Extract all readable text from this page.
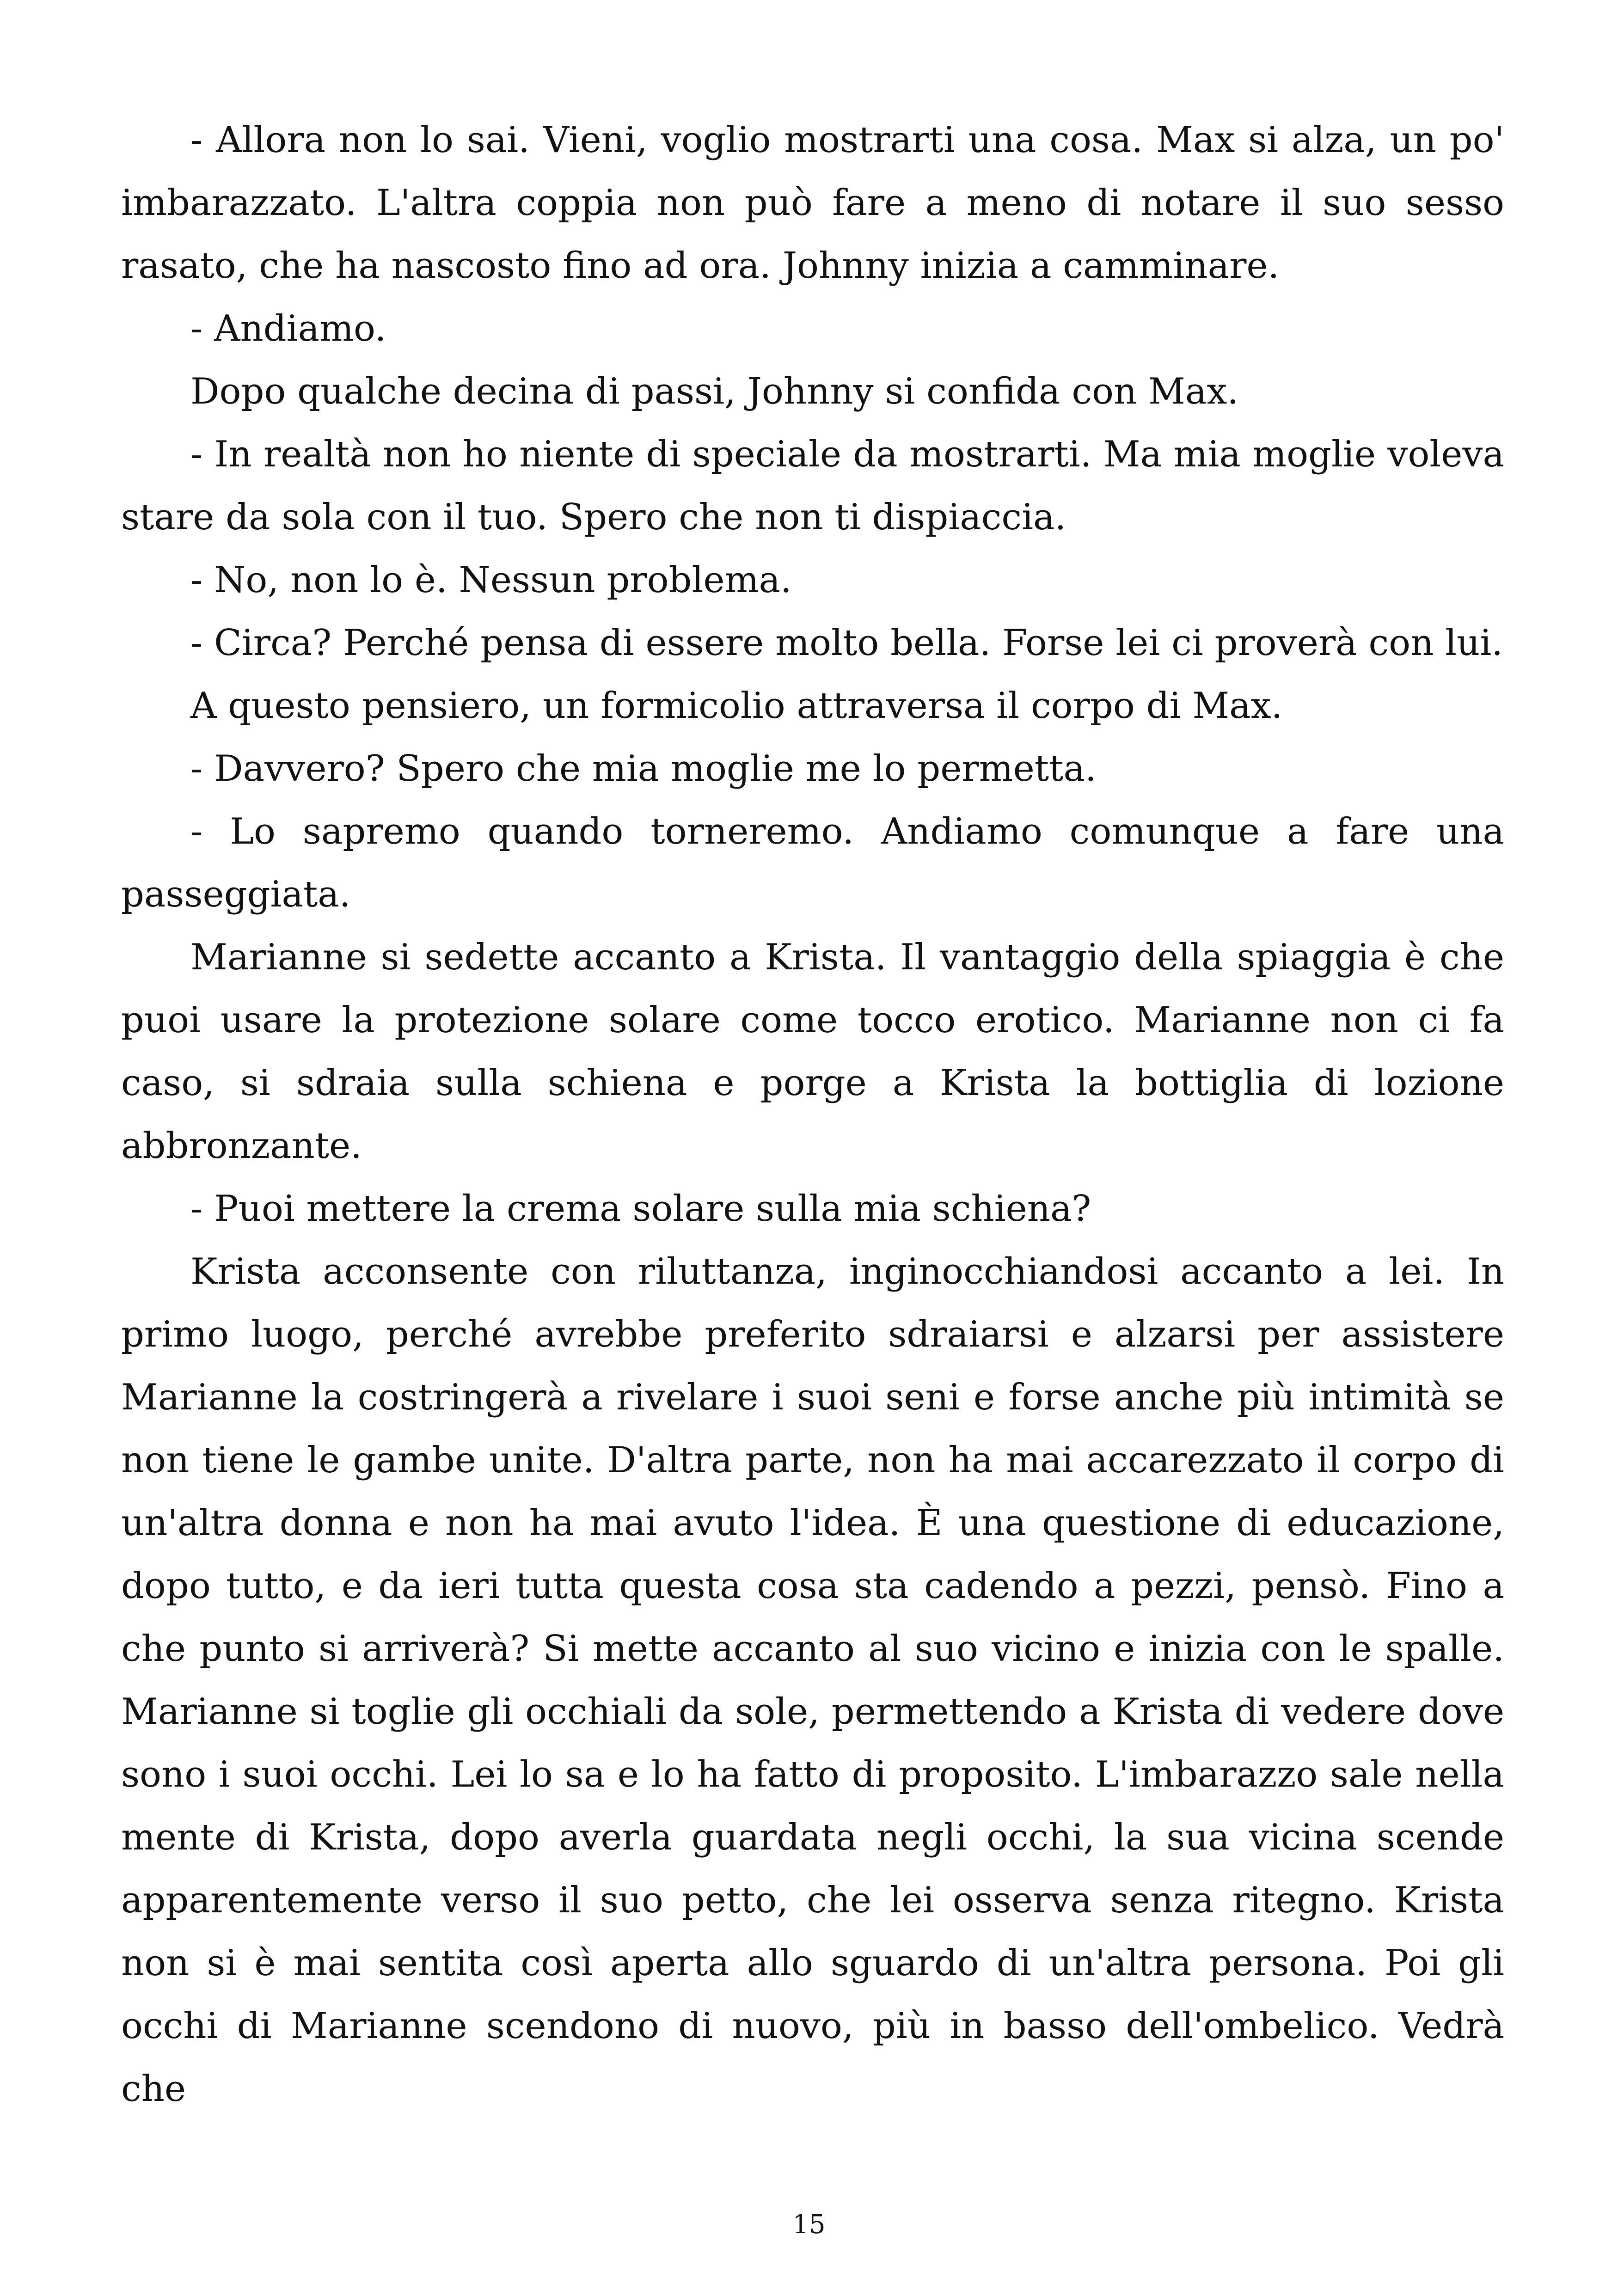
- Allora non lo sai. Vieni, voglio mostrarti una cosa. Max si alza, un po' imbarazzato. L'altra coppia non può fare a meno di notare il suo sesso rasato, che ha nascosto fino ad ora. Johnny inizia a camminare.

- Andiamo.

Dopo qualche decina di passi, Johnny si confida con Max.

- In realtà non ho niente di speciale da mostrarti. Ma mia moglie voleva stare da sola con il tuo. Spero che non ti dispiaccia.

- No, non lo è. Nessun problema.

- Circa? Perché pensa di essere molto bella. Forse lei ci proverà con lui.

A questo pensiero, un formicolio attraversa il corpo di Max.

- Davvero? Spero che mia moglie me lo permetta.

- Lo sapremo quando torneremo. Andiamo comunque a fare una passeggiata.

Marianne si sedette accanto a Krista. Il vantaggio della spiaggia è che puoi usare la protezione solare come tocco erotico. Marianne non ci fa caso, si sdraia sulla schiena e porge a Krista la bottiglia di lozione abbronzante.

- Puoi mettere la crema solare sulla mia schiena?

Krista acconsente con riluttanza, inginocchiandosi accanto a lei. In primo luogo, perché avrebbe preferito sdraiarsi e alzarsi per assistere Marianne la costringerà a rivelare i suoi seni e forse anche più intimità se non tiene le gambe unite. D'altra parte, non ha mai accarezzato il corpo di un'altra donna e non ha mai avuto l'idea. È una questione di educazione, dopo tutto, e da ieri tutta questa cosa sta cadendo a pezzi, pensò. Fino a che punto si arriverà? Si mette accanto al suo vicino e inizia con le spalle. Marianne si toglie gli occhiali da sole, permettendo a Krista di vedere dove sono i suoi occhi. Lei lo sa e lo ha fatto di proposito. L'imbarazzo sale nella mente di Krista, dopo averla guardata negli occhi, la sua vicina scende apparentemente verso il suo petto, che lei osserva senza ritegno. Krista non si è mai sentita così aperta allo sguardo di un'altra persona. Poi gli occhi di Marianne scendono di nuovo, più in basso dell'ombelico. Vedrà che

15
